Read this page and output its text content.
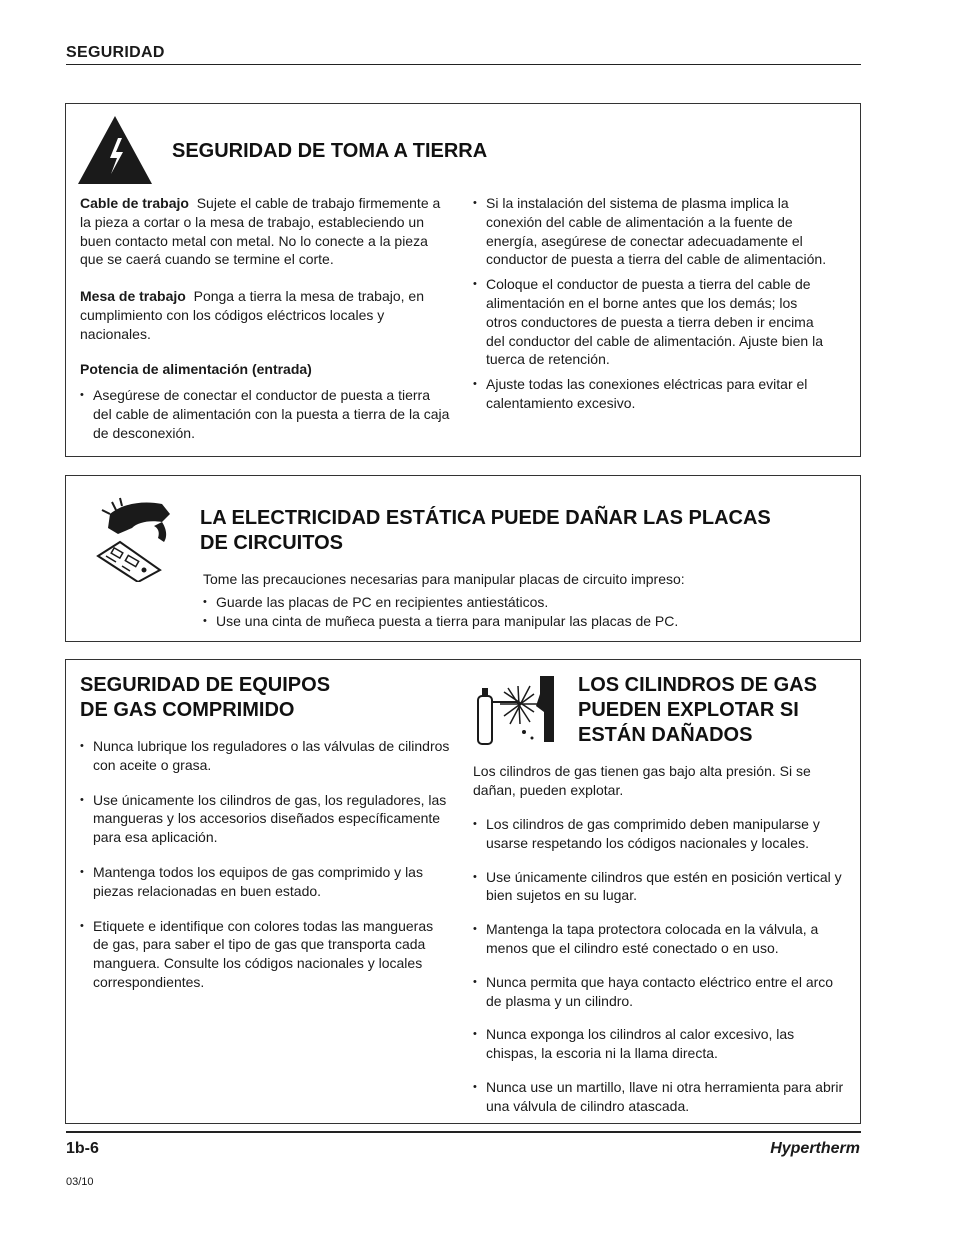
SEGURIDAD
SEGURIDAD DE TOMA A TIERRA
Cable de trabajo Sujete el cable de trabajo firmemente a la pieza a cortar o la mesa de trabajo, estableciendo un buen contacto metal con metal. No lo conecte a la pieza que se caerá cuando se termine el corte.
Mesa de trabajo Ponga a tierra la mesa de trabajo, en cumplimiento con los códigos eléctricos locales y nacionales.
Potencia de alimentación (entrada)
• Asegúrese de conectar el conductor de puesta a tierra del cable de alimentación con la puesta a tierra de la caja de desconexión.
• Si la instalación del sistema de plasma implica la conexión del cable de alimentación a la fuente de energía, asegúrese de conectar adecuadamente el conductor de puesta a tierra del cable de alimentación.
• Coloque el conductor de puesta a tierra del cable de alimentación en el borne antes que los demás; los otros conductores de puesta a tierra deben ir encima del conductor del cable de alimentación. Ajuste bien la tuerca de retención.
• Ajuste todas las conexiones eléctricas para evitar el calentamiento excesivo.
LA ELECTRICIDAD ESTÁTICA PUEDE DAÑAR LAS PLACAS
DE CIRCUITOS
Tome las precauciones necesarias para manipular placas de circuito impreso:
• Guarde las placas de PC en recipientes antiestáticos.
• Use una cinta de muñeca puesta a tierra para manipular las placas de PC.
SEGURIDAD DE EQUIPOS
DE GAS COMPRIMIDO
• Nunca lubrique los reguladores o las válvulas de cilindros con aceite o grasa.
• Use únicamente los cilindros de gas, los reguladores, las mangueras y los accesorios diseñados específicamente para esa aplicación.
• Mantenga todos los equipos de gas comprimido y las piezas relacionadas en buen estado.
• Etiquete e identifique con colores todas las mangueras de gas, para saber el tipo de gas que transporta cada manguera. Consulte los códigos nacionales y locales correspondientes.
LOS CILINDROS DE GAS
PUEDEN EXPLOTAR SI
ESTÁN DAÑADOS
Los cilindros de gas tienen gas bajo alta presión. Si se dañan, pueden explotar.
• Los cilindros de gas comprimido deben manipularse y usarse respetando los códigos nacionales y locales.
• Use únicamente cilindros que estén en posición vertical y bien sujetos en su lugar.
• Mantenga la tapa protectora colocada en la válvula, a menos que el cilindro esté conectado o en uso.
• Nunca permita que haya contacto eléctrico entre el arco de plasma y un cilindro.
• Nunca exponga los cilindros al calor excesivo, las chispas, la escoria ni la llama directa.
• Nunca use un martillo, llave ni otra herramienta para abrir una válvula de cilindro atascada.
1b-6	Hypertherm
03/10
